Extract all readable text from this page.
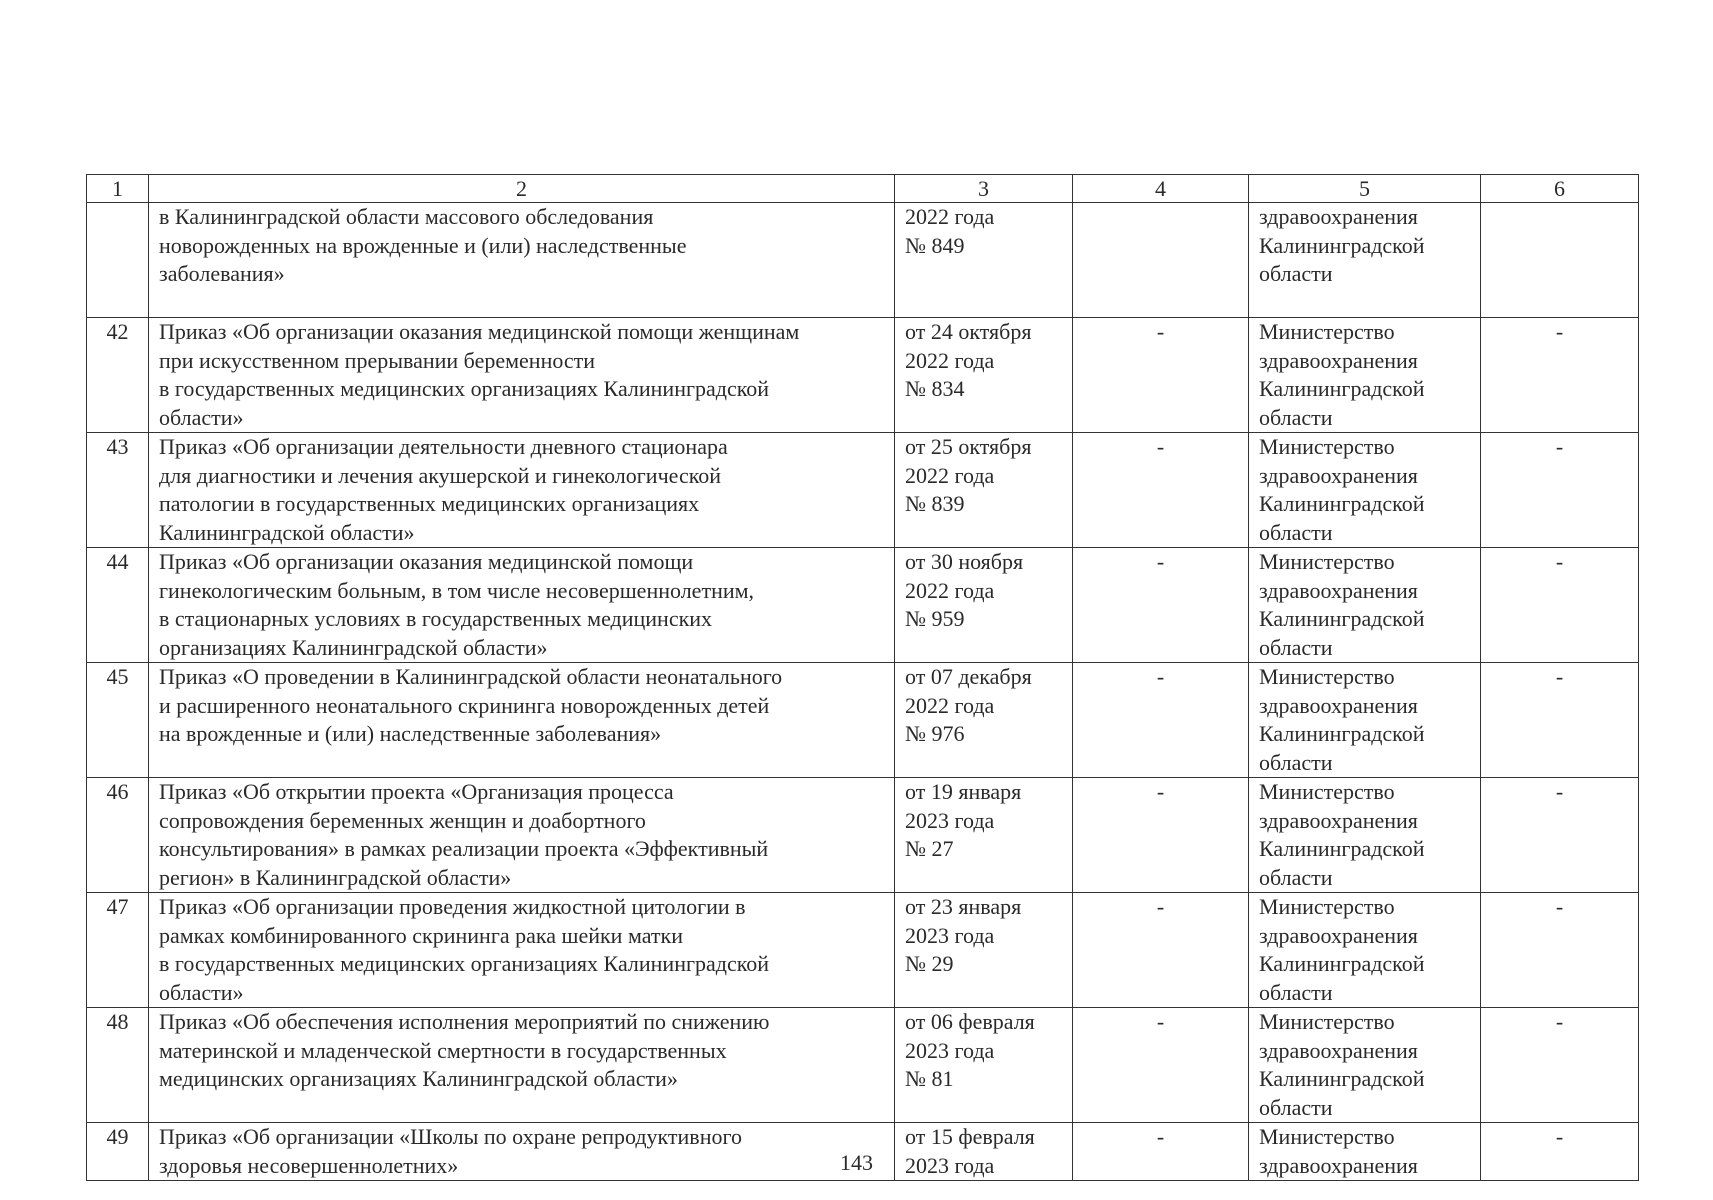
1	2	3	4	5	6
	в Калининградской области массового обследования
новорожденных на врожденные и (или) наследственные
заболевания»	2022 года
№ 849		здравоохранения
Калининградской
области	
42	Приказ «Об организации оказания медицинской помощи женщинам
при искусственном прерывании беременности
в государственных медицинских организациях Калининградской
области»	от 24 октября
2022 года
№ 834	-	Министерство
здравоохранения
Калининградской
области	-
43	Приказ «Об организации деятельности дневного стационара
для диагностики и лечения акушерской и гинекологической
патологии в государственных медицинских организациях
Калининградской области»	от 25 октября
2022 года
№ 839	-	Министерство
здравоохранения
Калининградской
области	-
44	Приказ «Об организации оказания медицинской помощи
гинекологическим больным, в том числе несовершеннолетним,
в стационарных условиях в государственных медицинских
организациях Калининградской области»	от 30 ноября
2022 года
№ 959	-	Министерство
здравоохранения
Калининградской
области	-
45	Приказ «О проведении в Калининградской области неонатального
и расширенного неонатального скрининга новорожденных детей
на врожденные и (или) наследственные заболевания»	от 07 декабря
2022 года
№ 976	-	Министерство
здравоохранения
Калининградской
области	-
46	Приказ «Об открытии проекта «Организация процесса
сопровождения беременных женщин и доабортного
консультирования» в рамках реализации проекта «Эффективный
регион» в Калининградской области»	от 19 января
2023 года
№ 27	-	Министерство
здравоохранения
Калининградской
области	-
47	Приказ «Об организации проведения жидкостной цитологии в
рамках комбинированного скрининга рака шейки матки
в государственных медицинских организациях Калининградской
области»	от 23 января
2023 года
№ 29	-	Министерство
здравоохранения
Калининградской
области	-
48	Приказ «Об обеспечения исполнения мероприятий по снижению
материнской и младенческой смертности в государственных
медицинских организациях Калининградской области»	от 06 февраля
2023 года
№ 81	-	Министерство
здравоохранения
Калининградской
области	-
49	Приказ «Об организации «Школы по охране репродуктивного
здоровья несовершеннолетних»	от 15 февраля
2023 года	-	Министерство
здравоохранения	-
143
